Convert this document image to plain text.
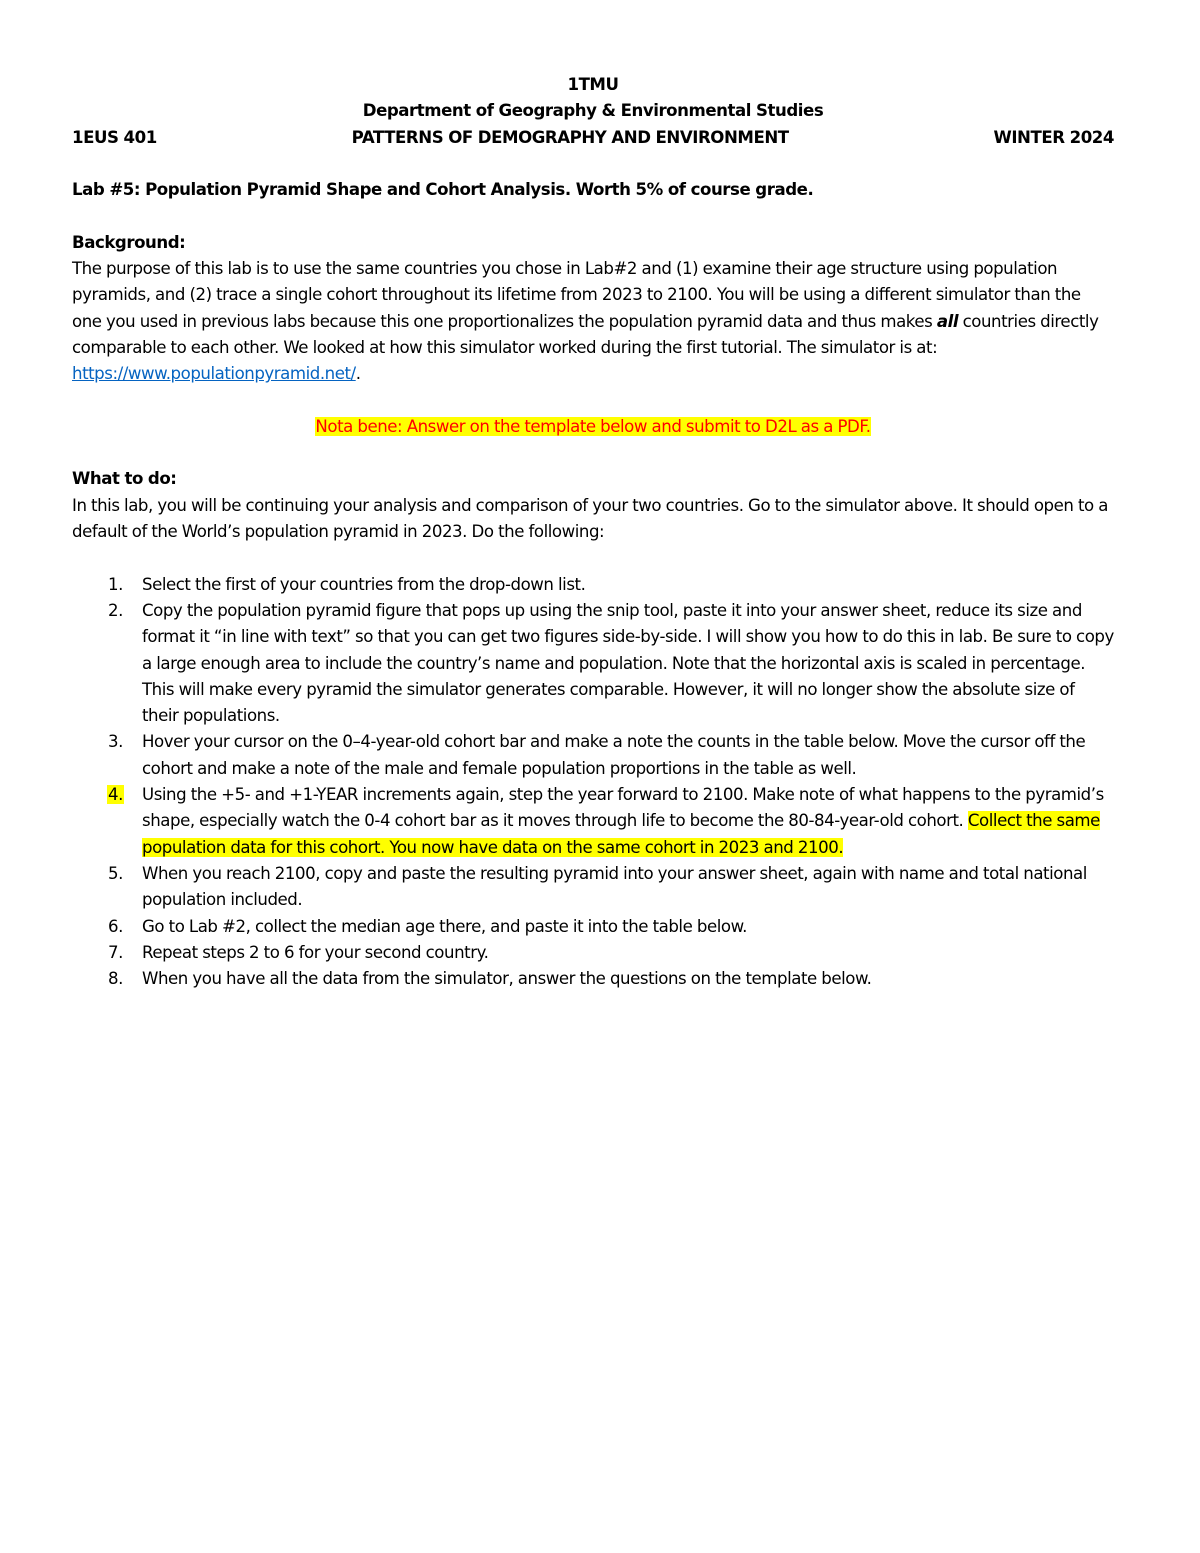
1TMU
Department of Geography & Environmental Studies
1EUS 401	PATTERNS OF DEMOGRAPHY AND ENVIRONMENT	WINTER 2024
Lab #5: Population Pyramid Shape and Cohort Analysis. Worth 5% of course grade.
Background:
The purpose of this lab is to use the same countries you chose in Lab#2 and (1) examine their age structure using population pyramids, and (2) trace a single cohort throughout its lifetime from 2023 to 2100. You will be using a different simulator than the one you used in previous labs because this one proportionalizes the population pyramid data and thus makes all countries directly comparable to each other. We looked at how this simulator worked during the first tutorial. The simulator is at: https://www.populationpyramid.net/.
Nota bene: Answer on the template below and submit to D2L as a PDF.
What to do:
In this lab, you will be continuing your analysis and comparison of your two countries. Go to the simulator above. It should open to a default of the World’s population pyramid in 2023. Do the following:
1.	Select the first of your countries from the drop-down list.
2.	Copy the population pyramid figure that pops up using the snip tool, paste it into your answer sheet, reduce its size and format it “in line with text” so that you can get two figures side-by-side. I will show you how to do this in lab. Be sure to copy a large enough area to include the country’s name and population. Note that the horizontal axis is scaled in percentage. This will make every pyramid the simulator generates comparable. However, it will no longer show the absolute size of their populations.
3.	Hover your cursor on the 0–4-year-old cohort bar and make a note the counts in the table below. Move the cursor off the cohort and make a note of the male and female population proportions in the table as well.
4.	Using the +5- and +1-YEAR increments again, step the year forward to 2100. Make note of what happens to the pyramid’s shape, especially watch the 0-4 cohort bar as it moves through life to become the 80-84-year-old cohort. Collect the same population data for this cohort. You now have data on the same cohort in 2023 and 2100.
5.	When you reach 2100, copy and paste the resulting pyramid into your answer sheet, again with name and total national population included.
6.	Go to Lab #2, collect the median age there, and paste it into the table below.
7.	Repeat steps 2 to 6 for your second country.
8.	When you have all the data from the simulator, answer the questions on the template below.
